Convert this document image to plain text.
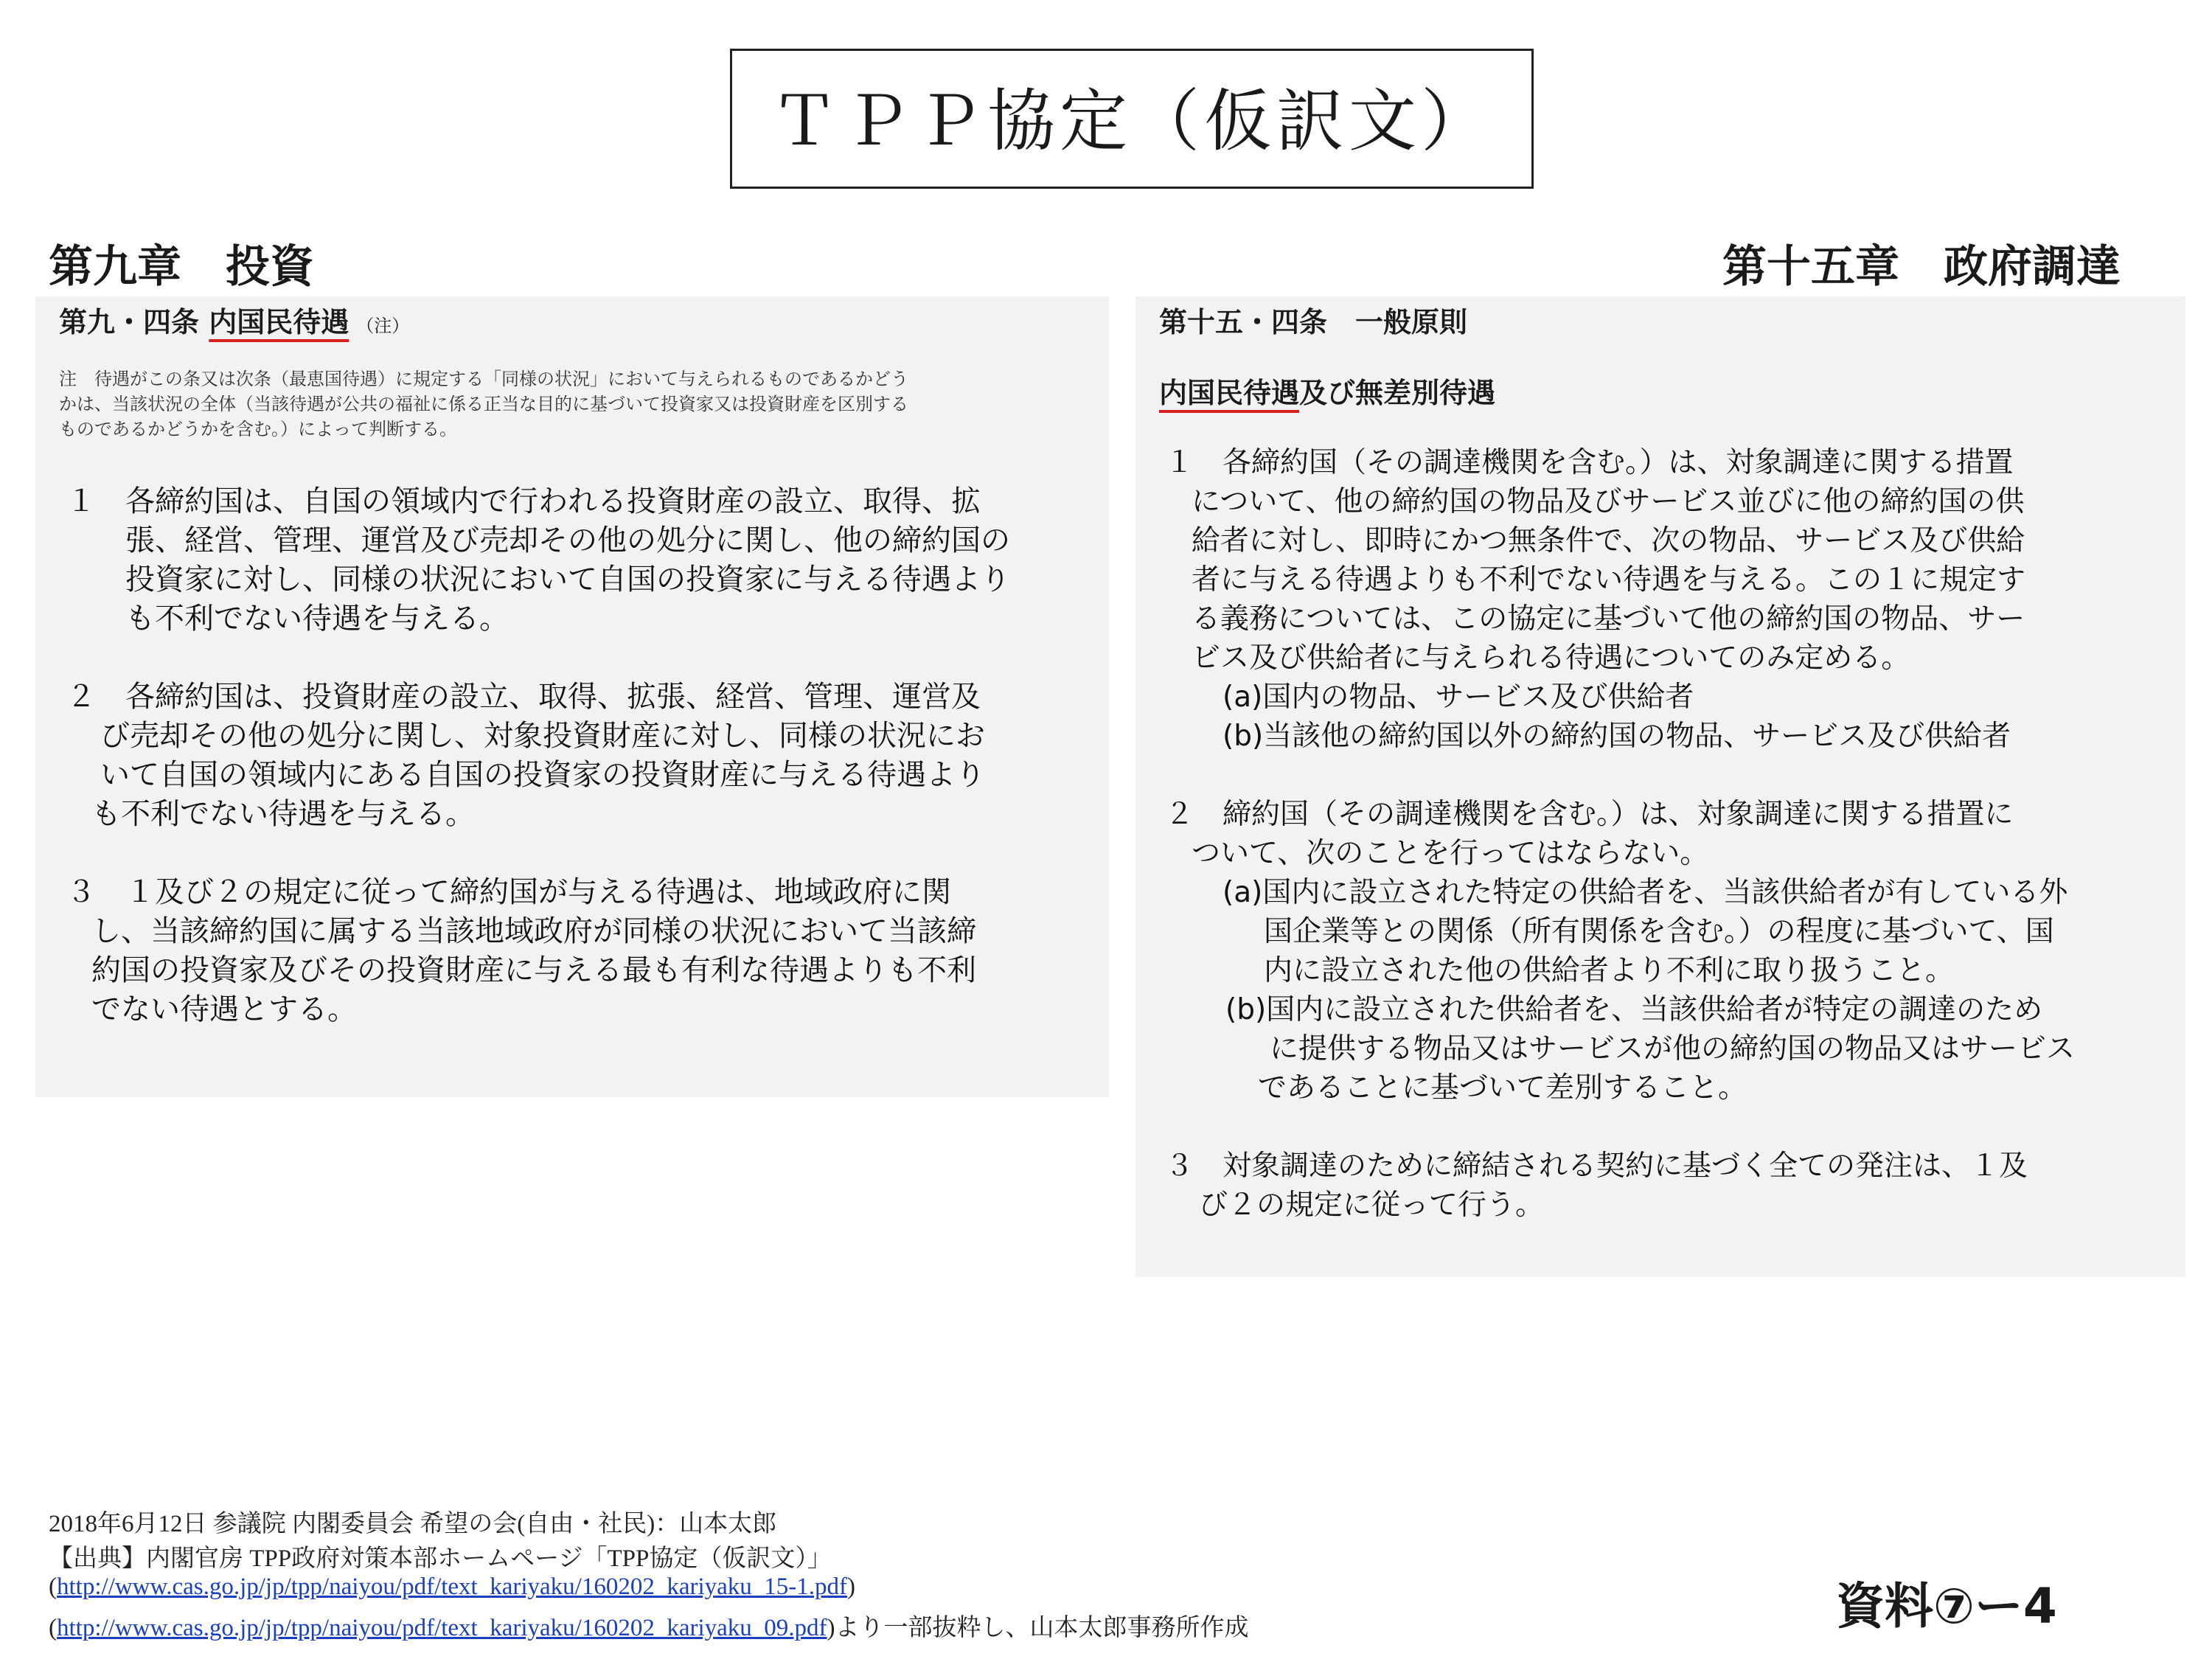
ＴＰＰ協定（仮訳文）
第九章　投資	第十五章　政府調達
第九・四条 内国民待遇 （注）
注　待遇がこの条又は次条（最恵国待遇）に規定する「同様の状況」において与えられるものであるかどう
かは、当該状況の全体（当該待遇が公共の福祉に係る正当な目的に基づいて投資家又は投資財産を区別する
ものであるかどうかを含む。）によって判断する。
１　各締約国は、自国の領域内で行われる投資財産の設立、取得、拡
張、経営、管理、運営及び売却その他の処分に関し、他の締約国の
投資家に対し、同様の状況において自国の投資家に与える待遇より
も不利でない待遇を与える。
２　各締約国は、投資財産の設立、取得、拡張、経営、管理、運営及
び売却その他の処分に関し、対象投資財産に対し、同様の状況にお
いて自国の領域内にある自国の投資家の投資財産に与える待遇より
も不利でない待遇を与える。
３　１及び２の規定に従って締約国が与える待遇は、地域政府に関
し、当該締約国に属する当該地域政府が同様の状況において当該締
約国の投資家及びその投資財産に与える最も有利な待遇よりも不利
でない待遇とする。
第十五・四条　一般原則
内国民待遇及び無差別待遇
１　各締約国（その調達機関を含む。）は、対象調達に関する措置
について、他の締約国の物品及びサービス並びに他の締約国の供
給者に対し、即時にかつ無条件で、次の物品、サービス及び供給
者に与える待遇よりも不利でない待遇を与える。この１に規定す
る義務については、この協定に基づいて他の締約国の物品、サー
ビス及び供給者に与えられる待遇についてのみ定める。
(a)国内の物品、サービス及び供給者
(b)当該他の締約国以外の締約国の物品、サービス及び供給者
２　締約国（その調達機関を含む。）は、対象調達に関する措置に
ついて、次のことを行ってはならない。
(a)国内に設立された特定の供給者を、当該供給者が有している外
国企業等との関係（所有関係を含む。）の程度に基づいて、国
内に設立された他の供給者より不利に取り扱うこと。
(b)国内に設立された供給者を、当該供給者が特定の調達のため
に提供する物品又はサービスが他の締約国の物品又はサービス
であることに基づいて差別すること。
３　対象調達のために締結される契約に基づく全ての発注は、１及
び２の規定に従って行う。
2018年6月12日 参議院 内閣委員会 希望の会(自由・社民)：山本太郎
【出典】内閣官房 TPP政府対策本部ホームページ「TPP協定（仮訳文）」
(http://www.cas.go.jp/jp/tpp/naiyou/pdf/text_kariyaku/160202_kariyaku_15-1.pdf)
(http://www.cas.go.jp/jp/tpp/naiyou/pdf/text_kariyaku/160202_kariyaku_09.pdf)より一部抜粋し、山本太郎事務所作成	資料⑦ー4
